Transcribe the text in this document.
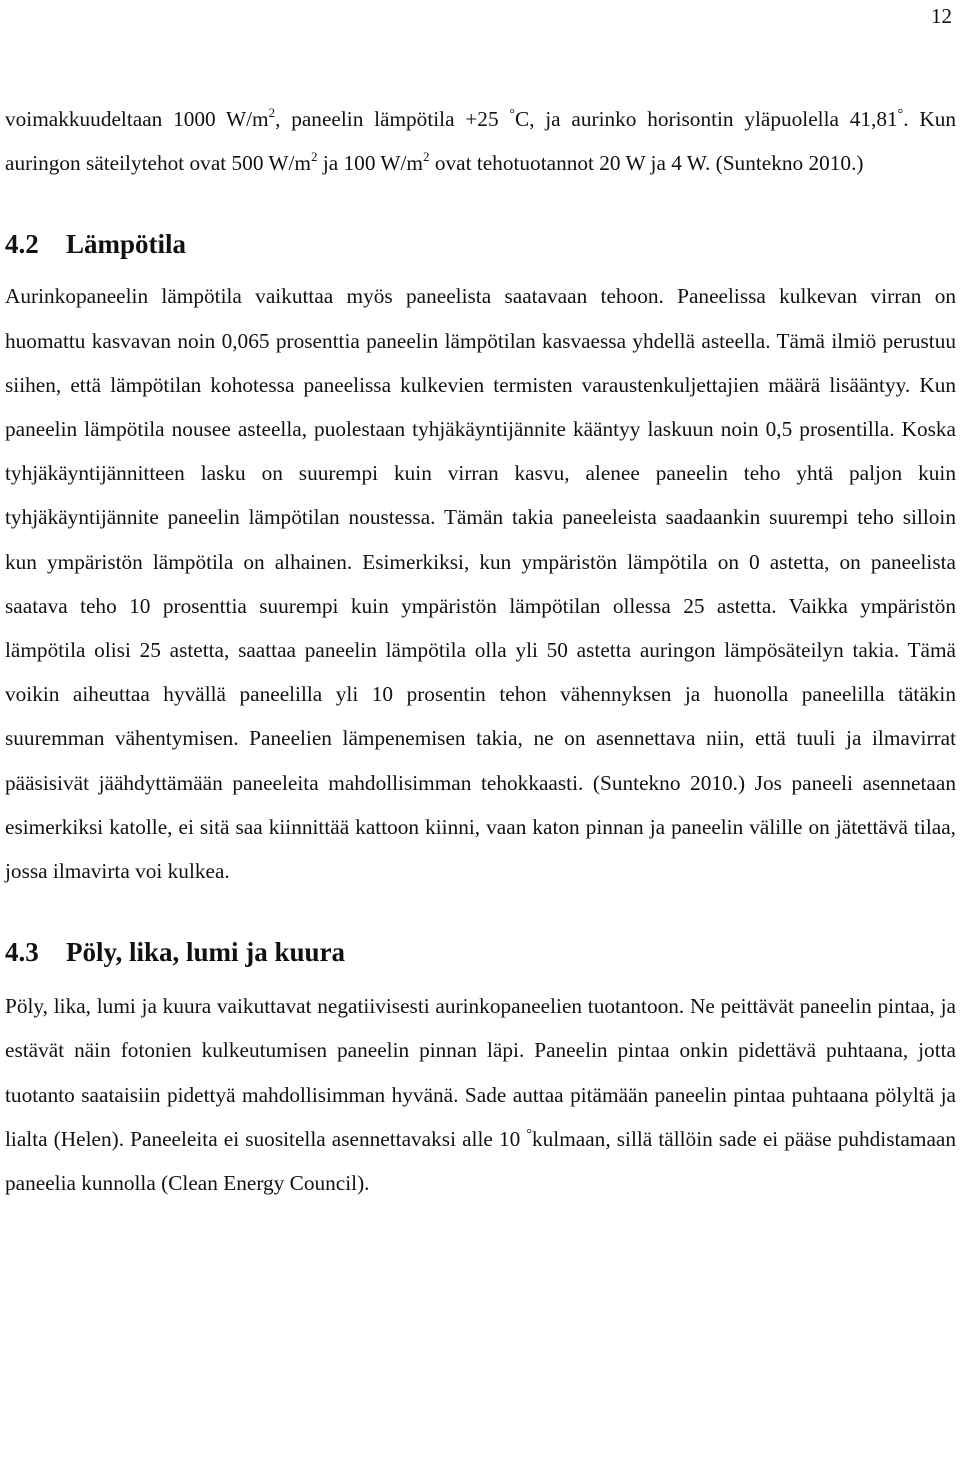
12

voimakkuudeltaan 1000 $W/m^2$, paneelin lämpötila +25 °C, ja aurinko horisontin yläpuolella 41,81°. Kun auringon säteilytehot ovat 500 $W/m^2$ ja 100 $W/m^2$ ovat tehotuotannot 20 W ja 4 W. (Suntekno 2010.)

4.2 Lämpötila

Aurinkopaneelin lämpötila vaikuttaa myös paneelista saatavaan tehoon. Paneelissa kulkevan virran on huomattu kasvavan noin 0,065 prosenttia paneelin lämpötilan kasvaessa yhdellä asteella. Tämä ilmiö perustuu siihen, että lämpötilan kohotessa paneelissa kulkevien termisten varaustenkuljettajien määrä lisääntyy. Kun paneelin lämpötila nousee asteella, puolestaan tyhjäkäyntijännite kääntyy laskuun noin 0,5 prosentilla. Koska tyhjäkäyntijännitteen lasku on suurempi kuin virran kasvu, alenee paneelin teho yhtä paljon kuin tyhjäkäyntijännite paneelin lämpötilan noustessa. Tämän takia paneeleista saadaankin suurempi teho silloin kun ympäristön lämpötila on alhainen. Esimerkiksi, kun ympäristön lämpötila on 0 astetta, on paneelista saatava teho 10 prosenttia suurempi kuin ympäristön lämpötilan ollessa 25 astetta. Vaikka ympäristön lämpötila olisi 25 astetta, saattaa paneelin lämpötila olla yli 50 astetta auringon lämpösäteilyn takia. Tämä voikin aiheuttaa hyvällä paneelilla yli 10 prosentin tehon vähennyksen ja huonolla paneelilla tätäkin suuremman vähentymisen. Paneelien lämpenemisen takia, ne on asennettava niin, että tuuli ja ilmavirrat pääsisivät jäähdyttämään paneeleita mahdollisimman tehokkaasti. (Suntekno 2010.) Jos paneeli asennetaan esimerkiksi katolle, ei sitä saa kiinnittää kattoon kiinni, vaan katon pinnan ja paneelin välille on jätettävä tilaa, jossa ilmavirta voi kulkea.

4.3 Pöly, lika, lumi ja kuura

Pöly, lika, lumi ja kuura vaikuttavat negatiivisesti aurinkopaneelien tuotantoon. Ne peittävät paneelin pintaa, ja estävät näin fotonien kulkeutumisen paneelin pinnan läpi. Paneelin pintaa onkin pidettävä puhtaana, jotta tuotanto saataisiin pidettyä mahdollisimman hyvänä. Sade auttaa pitämään paneelin pintaa puhtaana pölyltä ja lialta (Helen). Paneeleita ei suositella asennettavaksi alle 10 °kulmaan, sillä tällöin sade ei pääse puhdistamaan paneelia kunnolla (Clean Energy Council).
